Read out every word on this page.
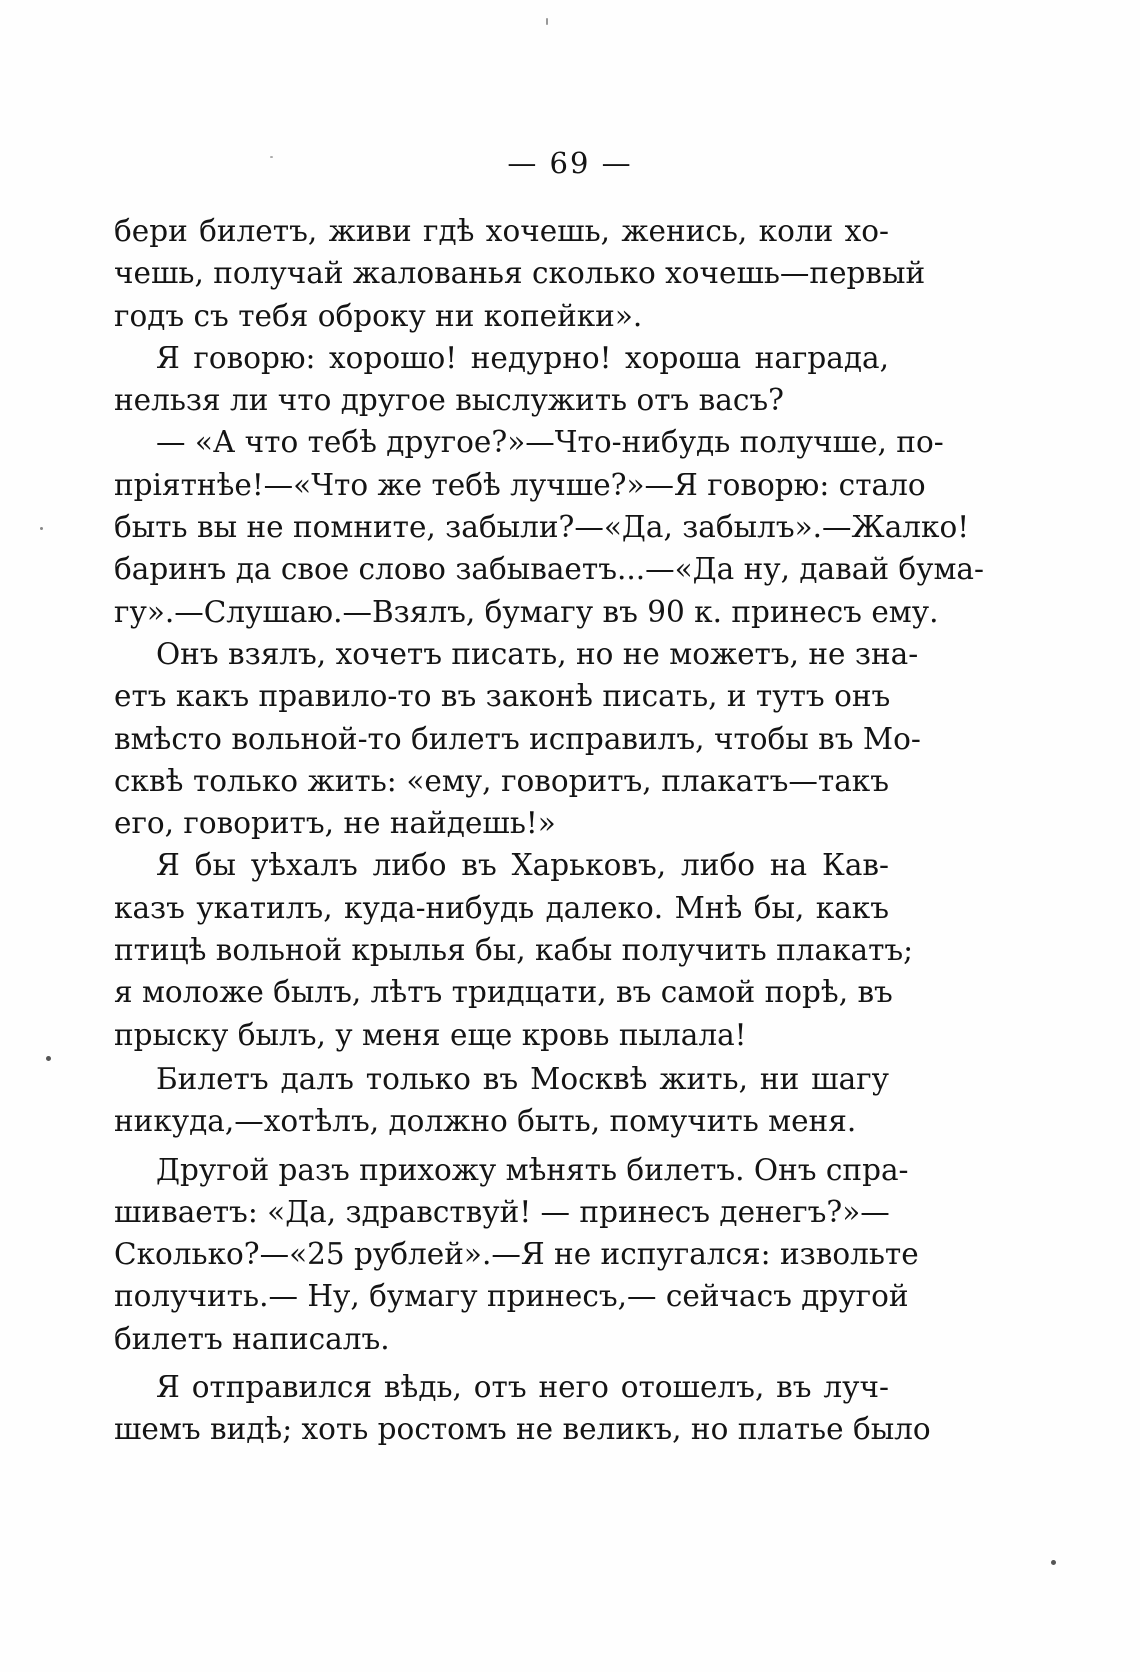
— 69 —
бери билетъ, живи гдѣ хочешь, женись, коли хо-
чешь, получай жалованья сколько хочешь—первый
годъ съ тебя оброку ни копейки».
Я говорю: хорошо! недурно! хороша награда,
нельзя ли что другое выслужить отъ васъ?
— «А что тебѣ другое?»—Что-нибудь получше, по-
пріятнѣе!—«Что же тебѣ лучше?»—Я говорю: стало
быть вы не помните, забыли?—«Да, забылъ».—Жалко!
баринъ да свое слово забываетъ...—«Да ну, давай бума-
гу».—Слушаю.—Взялъ, бумагу въ 90 к. принесъ ему.
Онъ взялъ, хочетъ писать, но не можетъ, не зна-
етъ какъ правило-то въ законѣ писать, и тутъ онъ
вмѣсто вольной-то билетъ исправилъ, чтобы въ Мо-
сквѣ только жить: «ему, говоритъ, плакатъ—такъ
его, говоритъ, не найдешь!»
Я бы уѣхалъ либо въ Харьковъ, либо на Кав-
казъ укатилъ, куда-нибудь далеко. Мнѣ бы, какъ
птицѣ вольной крылья бы, кабы получить плакатъ;
я моложе былъ, лѣтъ тридцати, въ самой порѣ, въ
прыску былъ, у меня еще кровь пылала!
Билетъ далъ только въ Москвѣ жить, ни шагу
никуда,—хотѣлъ, должно быть, помучить меня.
Другой разъ прихожу мѣнять билетъ. Онъ спра-
шиваетъ: «Да, здравствуй! — принесъ денегъ?»—
Сколько?—«25 рублей».—Я не испугался: извольте
получить.— Ну, бумагу принесъ,— сейчасъ другой
билетъ написалъ.
Я отправился вѣдь, отъ него отошелъ, въ луч-
шемъ видѣ; хоть ростомъ не великъ, но платье было
